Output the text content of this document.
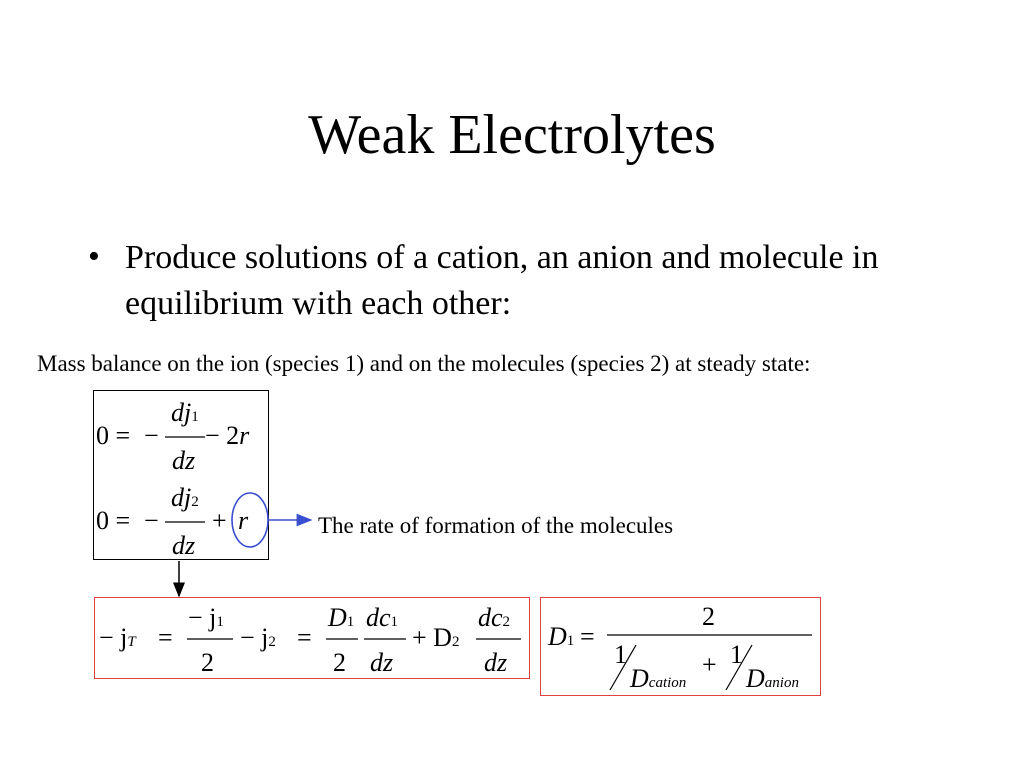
Weak Electrolytes
• Produce solutions of a cation, an anion and molecule in equilibrium with each other:
Mass balance on the ion (species 1) and on the molecules (species 2) at steady state:
0 = −
dj1
dz
− 2r
0 = −
dj2
dz
+ r	The rate of formation of the molecules
− jT =
− j1
2
− j2 =
D1
2
dc1
dz
+ D2
dc2
dz
D1 =
2
1
Dcation
+ 1
Danion
